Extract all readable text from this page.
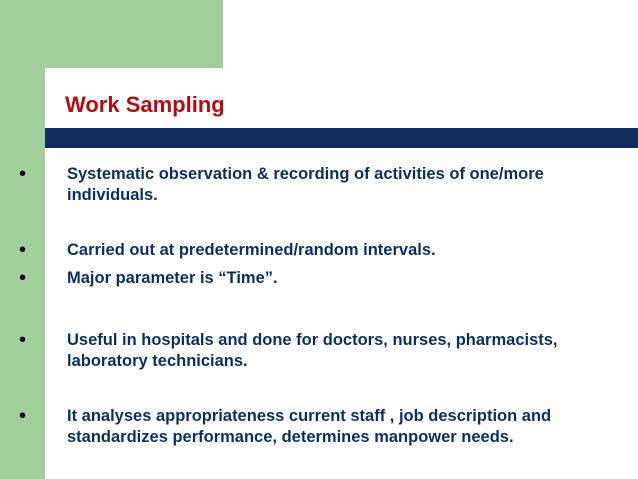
Work Sampling
• Systematic observation & recording of activities of one/more individuals.
• Carried out at predetermined/random intervals.
• Major parameter is “Time”.
• Useful in hospitals and done for doctors, nurses, pharmacists, laboratory technicians.
• It analyses appropriateness current staff , job description and standardizes performance, determines manpower needs.
